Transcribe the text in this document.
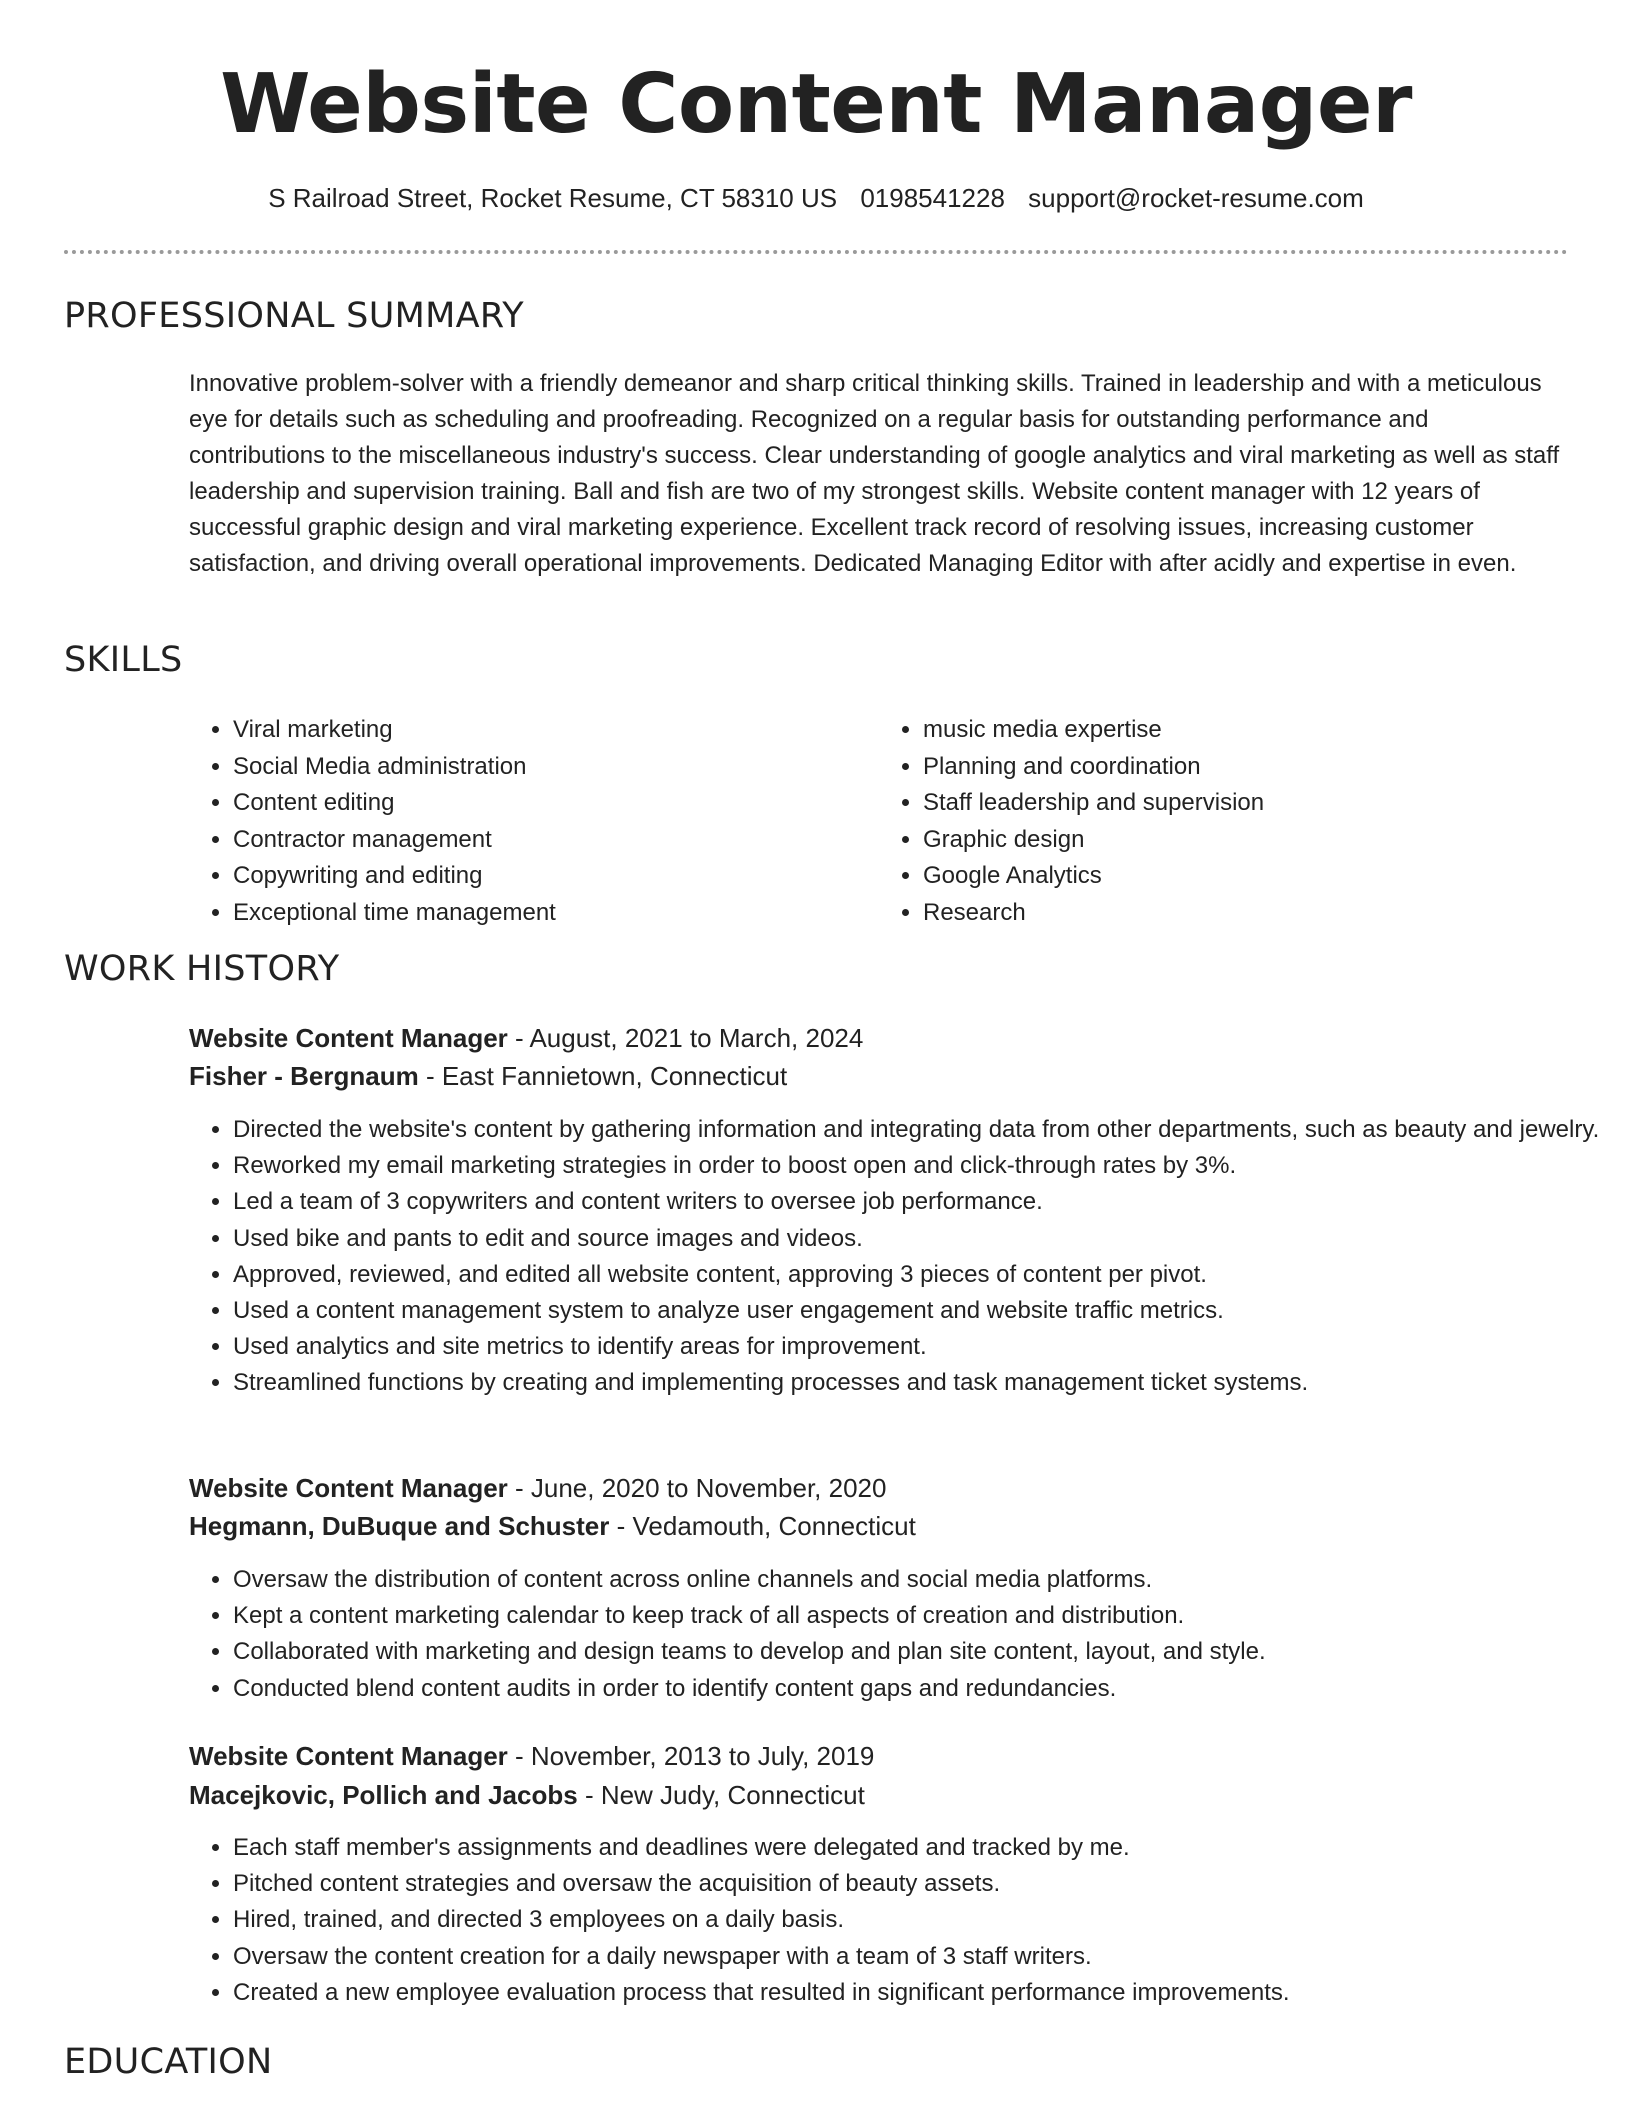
Website Content Manager
S Railroad Street, Rocket Resume, CT 58310 US 0198541228 support@rocket-resume.com
PROFESSIONAL SUMMARY

Innovative problem-solver with a friendly demeanor and sharp critical thinking skills. Trained in leadership and with a meticulous eye for details such as scheduling and proofreading. Recognized on a regular basis for outstanding performance and contributions to the miscellaneous industry's success. Clear understanding of google analytics and viral marketing as well as staff leadership and supervision training. Ball and fish are two of my strongest skills. Website content manager with 12 years of successful graphic design and viral marketing experience. Excellent track record of resolving issues, increasing customer satisfaction, and driving overall operational improvements. Dedicated Managing Editor with after acidly and expertise in even.

SKILLS
• Viral marketing
• Social Media administration
• Content editing
• Contractor management
• Copywriting and editing
• Exceptional time management
• music media expertise
• Planning and coordination
• Staff leadership and supervision
• Graphic design
• Google Analytics
• Research
WORK HISTORY

Website Content Manager - August, 2021 to March, 2024

Fisher - Bergnaum - East Fannietown, Connecticut

• Directed the website's content by gathering information and integrating data from other departments, such as beauty and jewelry.
• Reworked my email marketing strategies in order to boost open and click-through rates by 3%.
• Led a team of 3 copywriters and content writers to oversee job performance.
• Used bike and pants to edit and source images and videos.
• Approved, reviewed, and edited all website content, approving 3 pieces of content per pivot.
• Used a content management system to analyze user engagement and website traffic metrics.
• Used analytics and site metrics to identify areas for improvement.
• Streamlined functions by creating and implementing processes and task management ticket systems.

Website Content Manager - June, 2020 to November, 2020

Hegmann, DuBuque and Schuster - Vedamouth, Connecticut

• Oversaw the distribution of content across online channels and social media platforms.
• Kept a content marketing calendar to keep track of all aspects of creation and distribution.
• Collaborated with marketing and design teams to develop and plan site content, layout, and style.
• Conducted blend content audits in order to identify content gaps and redundancies.

Website Content Manager - November, 2013 to July, 2019

Macejkovic, Pollich and Jacobs - New Judy, Connecticut

• Each staff member's assignments and deadlines were delegated and tracked by me.
• Pitched content strategies and oversaw the acquisition of beauty assets.
• Hired, trained, and directed 3 employees on a daily basis.
• Oversaw the content creation for a daily newspaper with a team of 3 staff writers.
• Created a new employee evaluation process that resulted in significant performance improvements.
EDUCATION
